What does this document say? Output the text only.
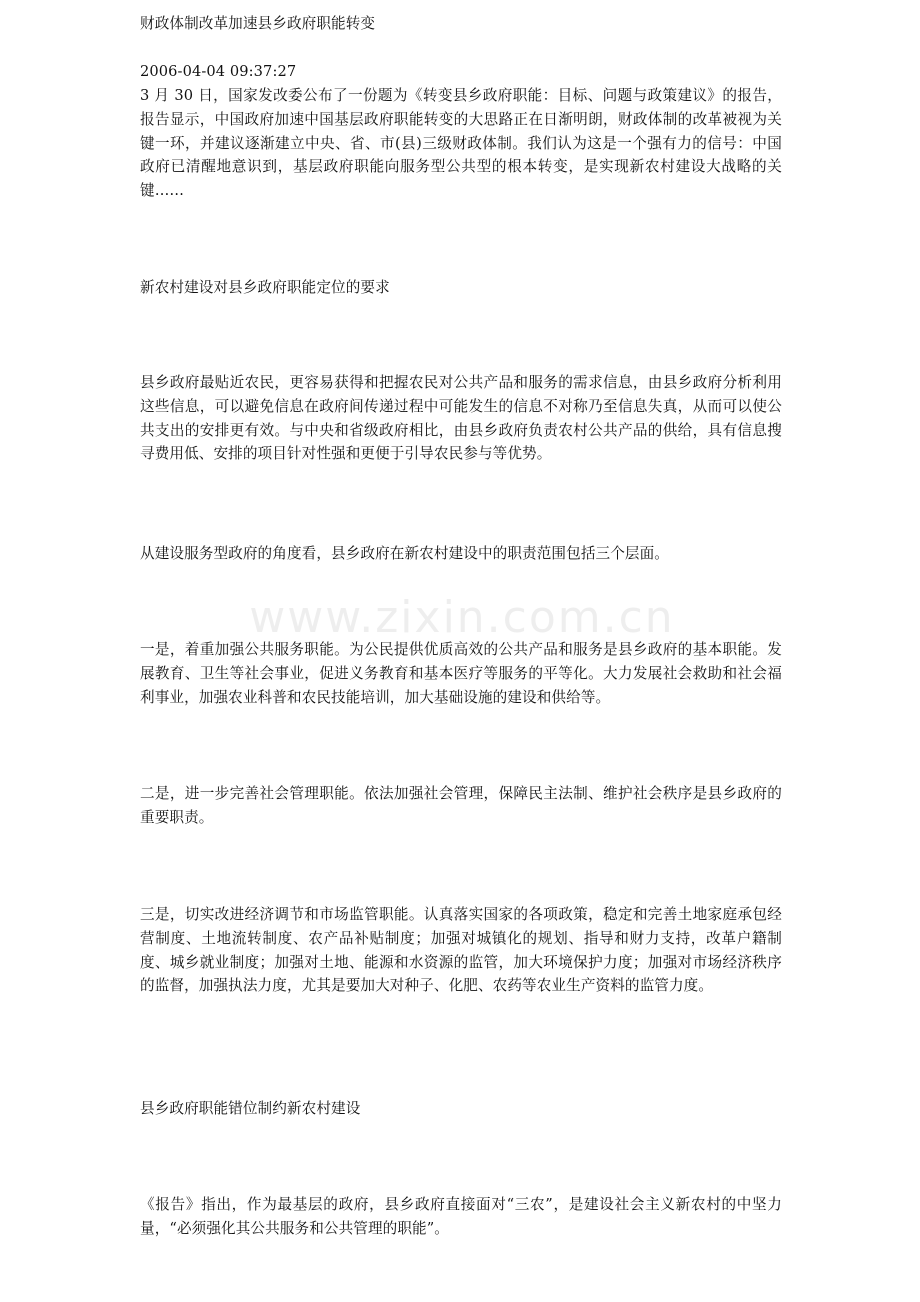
财政体制改革加速县乡政府职能转变

2006-04-04 09:37:27

3 月 30 日，国家发改委公布了一份题为《转变县乡政府职能：目标、问题与政策建议》的报告，报告显示，中国政府加速中国基层政府职能转变的大思路正在日渐明朗，财政体制的改革被视为关键一环，并建议逐渐建立中央、省、市(县)三级财政体制。我们认为这是一个强有力的信号：中国政府已清醒地意识到，基层政府职能向服务型公共型的根本转变，是实现新农村建设大战略的关键……

新农村建设对县乡政府职能定位的要求

县乡政府最贴近农民，更容易获得和把握农民对公共产品和服务的需求信息，由县乡政府分析利用这些信息，可以避免信息在政府间传递过程中可能发生的信息不对称乃至信息失真，从而可以使公共支出的安排更有效。与中央和省级政府相比，由县乡政府负责农村公共产品的供给，具有信息搜寻费用低、安排的项目针对性强和更便于引导农民参与等优势。

从建设服务型政府的角度看，县乡政府在新农村建设中的职责范围包括三个层面。

一是，着重加强公共服务职能。为公民提供优质高效的公共产品和服务是县乡政府的基本职能。发展教育、卫生等社会事业，促进义务教育和基本医疗等服务的平等化。大力发展社会救助和社会福利事业，加强农业科普和农民技能培训，加大基础设施的建设和供给等。

二是，进一步完善社会管理职能。依法加强社会管理，保障民主法制、维护社会秩序是县乡政府的重要职责。

三是，切实改进经济调节和市场监管职能。认真落实国家的各项政策，稳定和完善土地家庭承包经营制度、土地流转制度、农产品补贴制度；加强对城镇化的规划、指导和财力支持，改革户籍制度、城乡就业制度；加强对土地、能源和水资源的监管，加大环境保护力度；加强对市场经济秩序的监督，加强执法力度，尤其是要加大对种子、化肥、农药等农业生产资料的监管力度。

县乡政府职能错位制约新农村建设

《报告》指出，作为最基层的政府，县乡政府直接面对“三农”，是建设社会主义新农村的中坚力量，“必须强化其公共服务和公共管理的职能”。

www.zixin.com.cn
